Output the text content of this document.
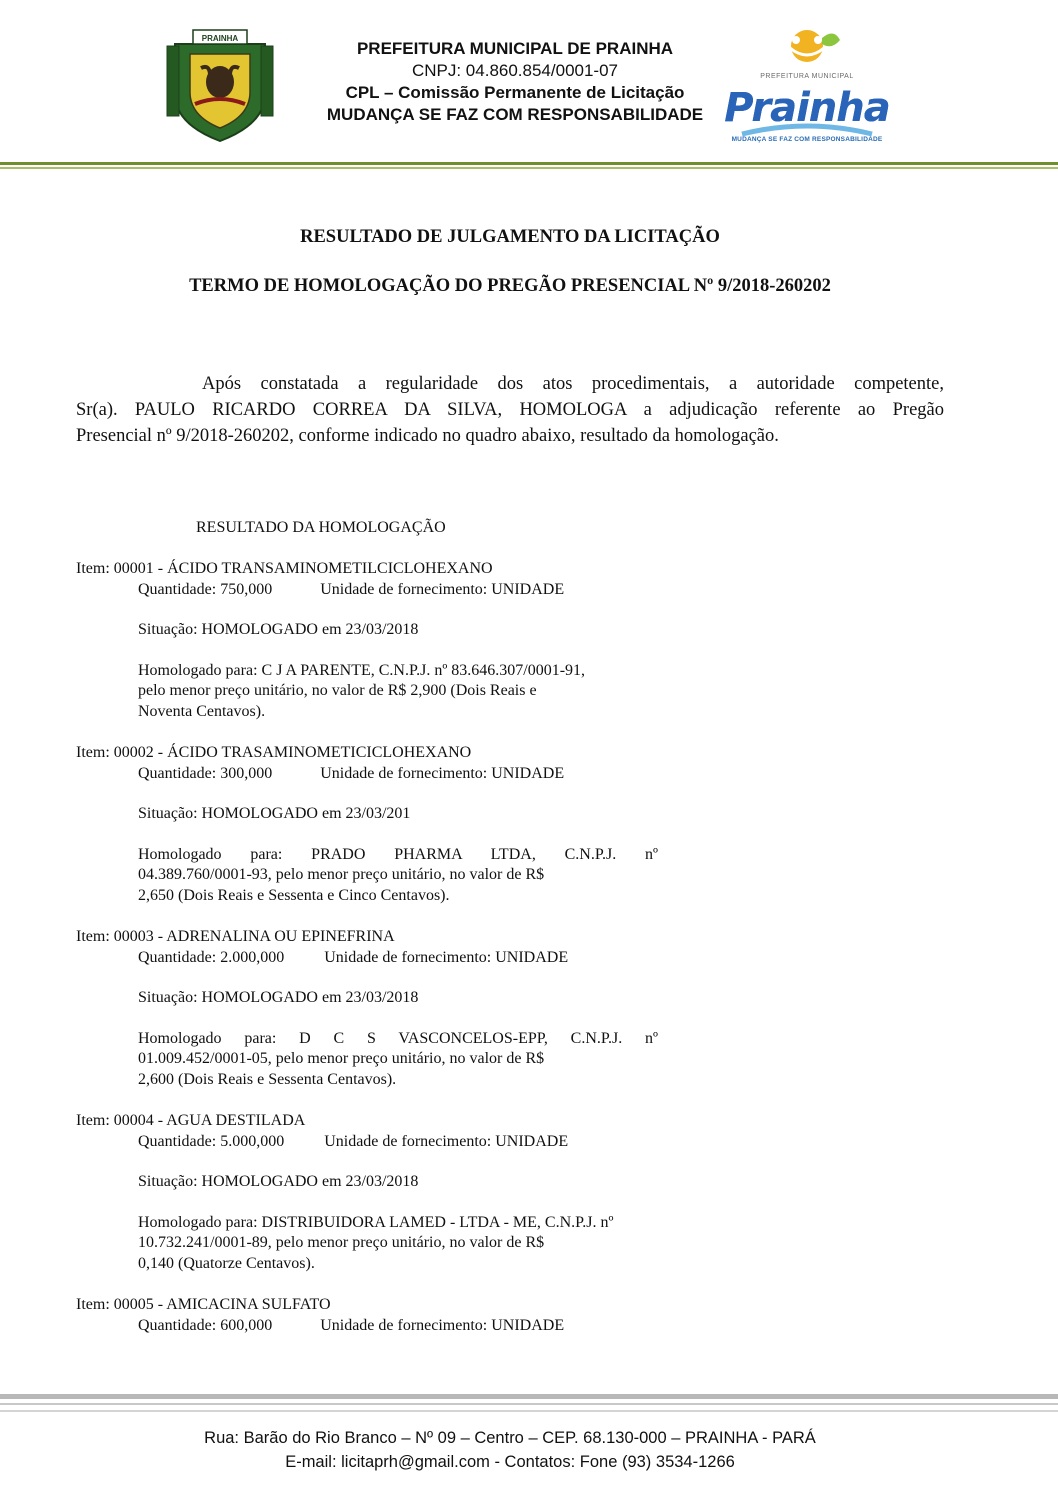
PRAINHA
PREFEITURA MUNICIPAL DE PRAINHA
CNPJ: 04.860.854/0001-07
CPL – Comissão Permanente de Licitação
MUDANÇA SE FAZ COM RESPONSABILIDADE
PREFEITURA MUNICIPAL
Prainha
MUDANÇA SE FAZ COM RESPONSABILIDADE
RESULTADO DE JULGAMENTO DA LICITAÇÃO
TERMO DE HOMOLOGAÇÃO DO PREGÃO PRESENCIAL Nº 9/2018-260202
Após constatada a regularidade dos atos procedimentais, a autoridade competente,
Sr(a). PAULO RICARDO CORREA DA SILVA, HOMOLOGA a adjudicação referente ao Pregão
Presencial nº 9/2018-260202, conforme indicado no quadro abaixo, resultado da homologação.
RESULTADO DA HOMOLOGAÇÃO
Item: 00001 - ÁCIDO TRANSAMINOMETILCICLOHEXANO
Quantidade: 750,000            Unidade de fornecimento: UNIDADE
Situação: HOMOLOGADO em 23/03/2018
Homologado para: C J A PARENTE, C.N.P.J. nº 83.646.307/0001-91,
pelo menor preço unitário, no valor de R$ 2,900 (Dois Reais e
Noventa Centavos).
Item: 00002 - ÁCIDO TRASAMINOMETICICLOHEXANO
Quantidade: 300,000            Unidade de fornecimento: UNIDADE
Situação: HOMOLOGADO em 23/03/201
Homologado para: PRADO PHARMA LTDA, C.N.P.J. nº
04.389.760/0001-93, pelo menor preço unitário, no valor de R$
2,650 (Dois Reais e Sessenta e Cinco Centavos).
Item: 00003 - ADRENALINA OU EPINEFRINA
Quantidade: 2.000,000          Unidade de fornecimento: UNIDADE
Situação: HOMOLOGADO em 23/03/2018
Homologado para: D C S VASCONCELOS-EPP, C.N.P.J. nº
01.009.452/0001-05, pelo menor preço unitário, no valor de R$
2,600 (Dois Reais e Sessenta Centavos).
Item: 00004 - AGUA DESTILADA
Quantidade: 5.000,000          Unidade de fornecimento: UNIDADE
Situação: HOMOLOGADO em 23/03/2018
Homologado para: DISTRIBUIDORA LAMED - LTDA - ME, C.N.P.J. nº
10.732.241/0001-89, pelo menor preço unitário, no valor de R$
0,140 (Quatorze Centavos).
Item: 00005 - AMICACINA SULFATO
Quantidade: 600,000            Unidade de fornecimento: UNIDADE
Rua: Barão do Rio Branco – Nº 09 – Centro – CEP. 68.130-000 – PRAINHA - PARÁ
E-mail: licitaprh@gmail.com - Contatos: Fone (93) 3534-1266
